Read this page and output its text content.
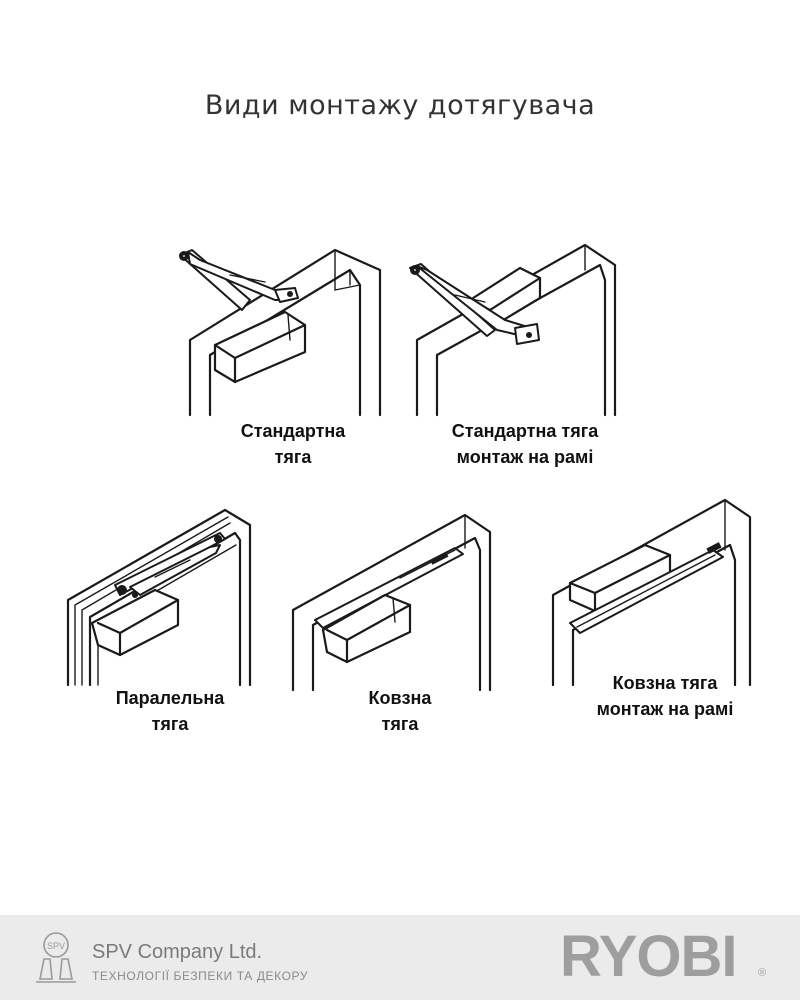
Види монтажу дотягувача
Стандартна
тяга
Стандартна тяга
монтаж на рамі
Паралельна
тяга
Ковзна
тяга
Ковзна тяга
монтаж на рамі
SPV SPV Company Ltd.
ТЕХНОЛОГІЇ БЕЗПЕКИ ТА ДЕКОРУ	RYOBI ®
